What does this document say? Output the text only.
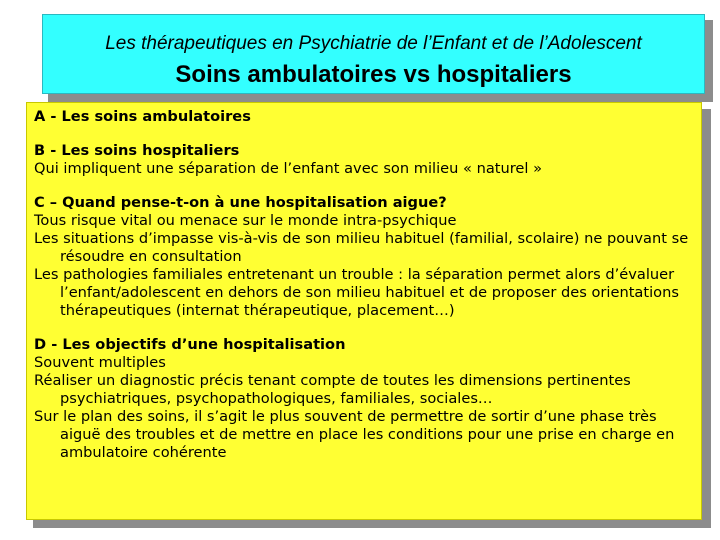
Les thérapeutiques en Psychiatrie de l’Enfant et de l’Adolescent
Soins ambulatoires vs hospitaliers
A - Les soins ambulatoires
B - Les soins hospitaliers
Qui impliquent une séparation de l’enfant avec son milieu « naturel »
C – Quand pense-t-on à une hospitalisation aigue?
Tous risque vital ou menace sur le monde intra-psychique
Les situations d’impasse vis-à-vis de son milieu habituel (familial, scolaire) ne pouvant se résoudre en consultation
Les pathologies familiales entretenant un trouble : la séparation permet alors d’évaluer l’enfant/adolescent en dehors de son milieu habituel et de proposer des orientations thérapeutiques (internat thérapeutique, placement…)
D - Les objectifs d’une hospitalisation
Souvent multiples
Réaliser un diagnostic précis tenant compte de toutes les dimensions pertinentes psychiatriques, psychopathologiques, familiales, sociales…
Sur le plan des soins, il s’agit le plus souvent de permettre de sortir d’une phase très aiguë des troubles et de mettre en place les conditions pour une prise en charge en ambulatoire cohérente
